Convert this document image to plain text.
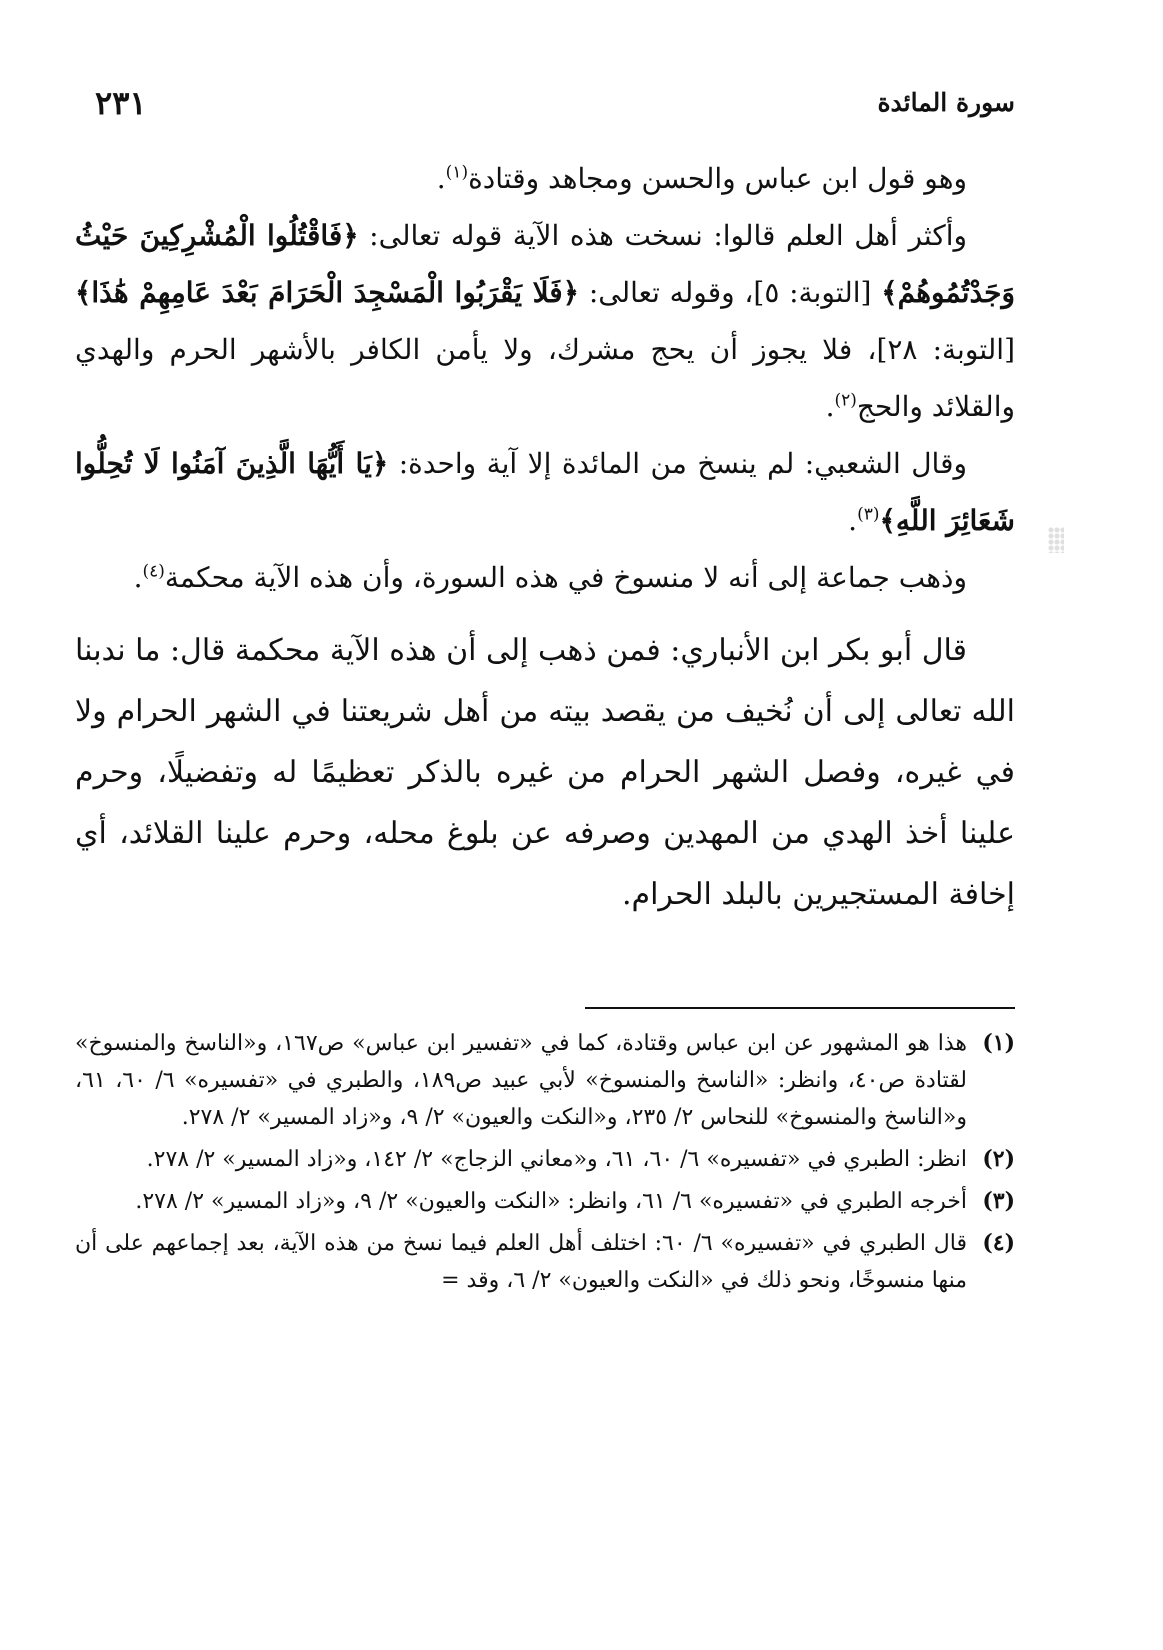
سورة المائدة
٢٣١

وهو قول ابن عباس والحسن ومجاهد وقتادة$^{(١)}$.

وأكثر أهل العلم قالوا: نسخت هذه الآية قوله تعالى: ﴿فَاقْتُلُوا الْمُشْرِكِينَ حَيْثُ وَجَدْتُمُوهُمْ﴾ [التوبة: ٥]، وقوله تعالى: ﴿فَلَا يَقْرَبُوا الْمَسْجِدَ الْحَرَامَ بَعْدَ عَامِهِمْ هَٰذَا﴾ [التوبة: ٢٨]، فلا يجوز أن يحج مشرك، ولا يأمن الكافر بالأشهر الحرم والهدي والقلائد والحج$^{(٢)}$.

وقال الشعبي: لم ينسخ من المائدة إلا آية واحدة: ﴿يَا أَيُّهَا الَّذِينَ آمَنُوا لَا تُحِلُّوا شَعَائِرَ اللَّهِ﴾$^{(٣)}$.

وذهب جماعة إلى أنه لا منسوخ في هذه السورة، وأن هذه الآية محكمة$^{(٤)}$.

قال أبو بكر ابن الأنباري: فمن ذهب إلى أن هذه الآية محكمة قال: ما ندبنا الله تعالى إلى أن نُخيف من يقصد بيته من أهل شريعتنا في الشهر الحرام ولا في غيره، وفصل الشهر الحرام من غيره بالذكر تعظيمًا له وتفضيلًا، وحرم علينا أخذ الهدي من المهدين وصرفه عن بلوغ محله، وحرم علينا القلائد، أي إخافة المستجيرين بالبلد الحرام.

(١)
هذا هو المشهور عن ابن عباس وقتادة، كما في «تفسير ابن عباس» ص١٦٧، و«الناسخ والمنسوخ» لقتادة ص٤٠، وانظر: «الناسخ والمنسوخ» لأبي عبيد ص١٨٩، والطبري في «تفسيره» ٦/ ٦٠، ٦١، و«الناسخ والمنسوخ» للنحاس ٢/ ٢٣٥، و«النكت والعيون» ٢/ ٩، و«زاد المسير» ٢/ ٢٧٨.

(٢)
انظر: الطبري في «تفسيره» ٦/ ٦٠، ٦١، و«معاني الزجاج» ٢/ ١٤٢، و«زاد المسير» ٢/ ٢٧٨.

(٣)
أخرجه الطبري في «تفسيره» ٦/ ٦١، وانظر: «النكت والعيون» ٢/ ٩، و«زاد المسير» ٢/ ٢٧٨.

(٤)
قال الطبري في «تفسيره» ٦/ ٦٠: اختلف أهل العلم فيما نسخ من هذه الآية، بعد إجماعهم على أن منها منسوخًا، ونحو ذلك في «النكت والعيون» ٢/ ٦، وقد =
